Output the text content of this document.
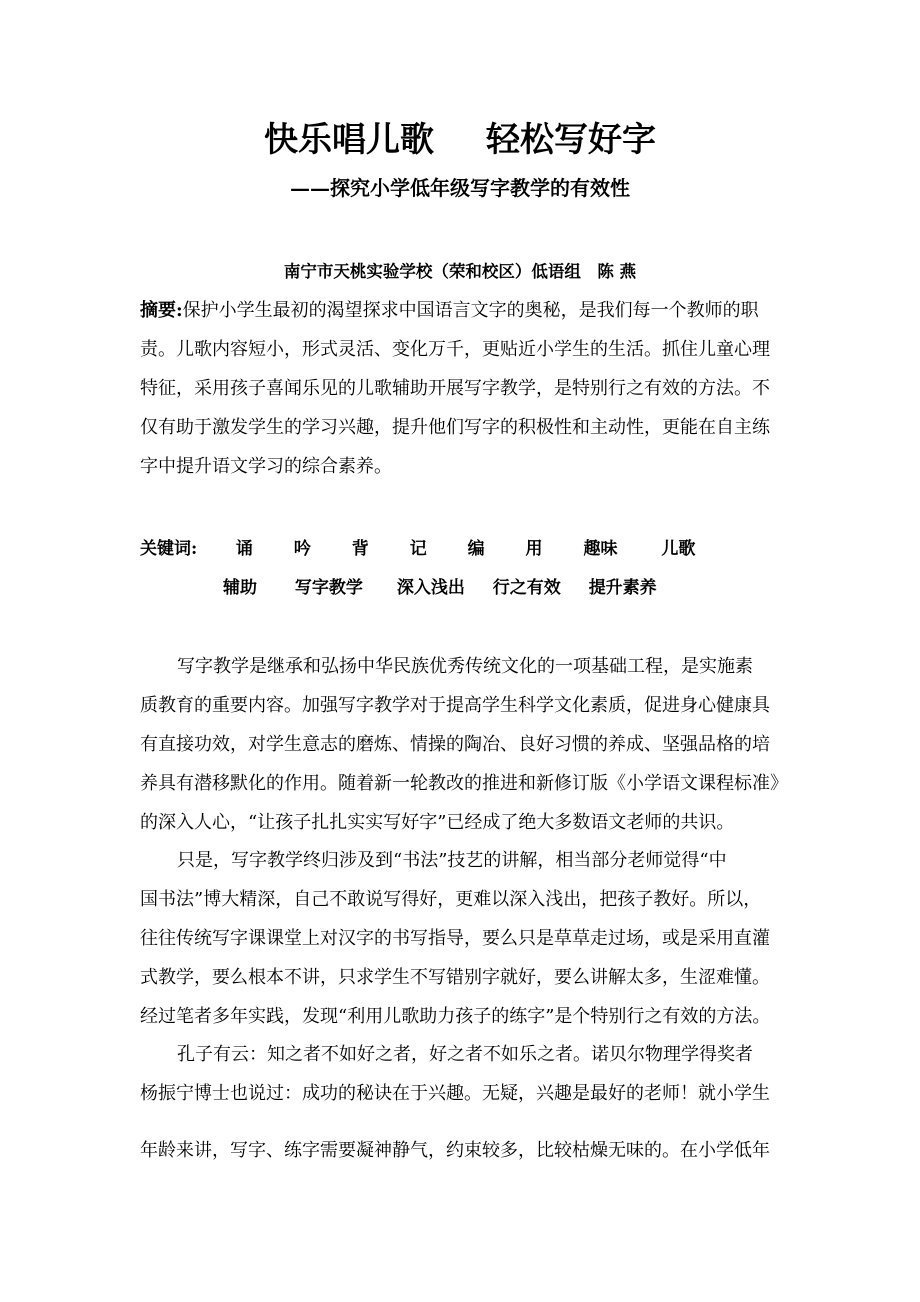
快乐唱儿歌 轻松写好字
——探究小学低年级写字教学的有效性
南宁市天桃实验学校（荣和校区）低语组　陈 燕
摘要:保护小学生最初的渴望探求中国语言文字的奥秘，是我们每一个教师的职
责。儿歌内容短小，形式灵活、变化万千，更贴近小学生的生活。抓住儿童心理
特征，采用孩子喜闻乐见的儿歌辅助开展写字教学，是特别行之有效的方法。不
仅有助于激发学生的学习兴趣，提升他们写字的积极性和主动性，更能在自主练
字中提升语文学习的综合素养。
关键词: 诵 吟 背 记 编 用 趣味	儿歌
辅助 写字教学 深入浅出 行之有效 提升素养
写字教学是继承和弘扬中华民族优秀传统文化的一项基础工程，是实施素
质教育的重要内容。加强写字教学对于提高学生科学文化素质，促进身心健康具
有直接功效，对学生意志的磨炼、情操的陶冶、良好习惯的养成、坚强品格的培
养具有潜移默化的作用。随着新一轮教改的推进和新修订版《小学语文课程标准》
的深入人心，“让孩子扎扎实实写好字”已经成了绝大多数语文老师的共识。
只是，写字教学终归涉及到“书法”技艺的讲解，相当部分老师觉得“中
国书法”博大精深，自己不敢说写得好，更难以深入浅出，把孩子教好。所以，
往往传统写字课课堂上对汉字的书写指导，要么只是草草走过场，或是采用直灌
式教学，要么根本不讲，只求学生不写错别字就好，要么讲解太多，生涩难懂。
经过笔者多年实践，发现“利用儿歌助力孩子的练字”是个特别行之有效的方法。
孔子有云：知之者不如好之者，好之者不如乐之者。诺贝尔物理学得奖者
杨振宁博士也说过：成功的秘诀在于兴趣。无疑，兴趣是最好的老师！就小学生
年龄来讲，写字、练字需要凝神静气，约束较多，比较枯燥无味的。在小学低年
